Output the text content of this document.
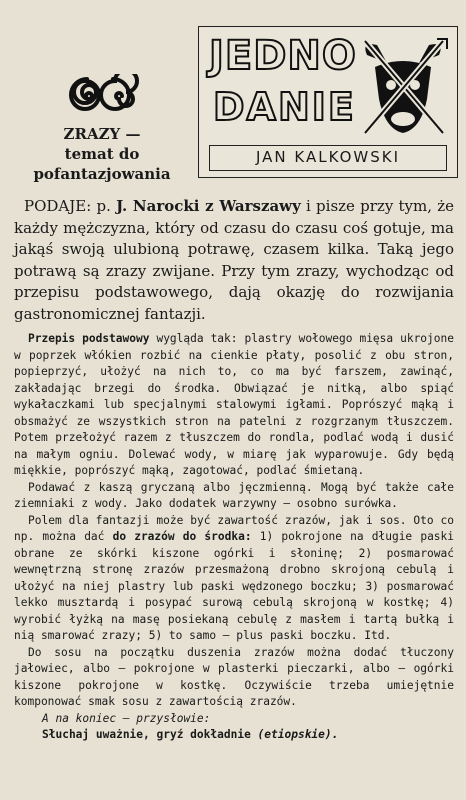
ZRAZY —
temat do
pofantazjowania
JEDNO
DANIE
JAN KALKOWSKI

PODAJE: p. J. Narocki z Warszawy i pisze przy tym, że każdy mężczyzna, który od czasu do czasu coś gotuje, ma jakąś swoją ulubioną potrawę, czasem kilka. Taką jego potrawą są zrazy zwijane. Przy tym zrazy, wychodząc od przepisu podstawowego, dają okazję do rozwijania gastronomicznej fantazji.

Przepis podstawowy wygląda tak: plastry wołowego mięsa ukrojone w poprzek włókien rozbić na cienkie płaty, posolić z obu stron, popieprzyć, ułożyć na nich to, co ma być farszem, zawinąć, zakładając brzegi do środka. Obwiązać je nitką, albo spiąć wykałaczkami lub specjalnymi stalowymi igłami. Poprószyć mąką i obsmażyć ze wszystkich stron na patelni z rozgrzanym tłuszczem. Potem przełożyć razem z tłuszczem do rondla, podlać wodą i dusić na małym ogniu. Dolewać wody, w miarę jak wyparowuje. Gdy będą miękkie, poprószyć mąką, zagotować, podlać śmietaną.

Podawać z kaszą gryczaną albo jęczmienną. Mogą być także całe ziemniaki z wody. Jako dodatek warzywny — osobno surówka.

Polem dla fantazji może być zawartość zrazów, jak i sos. Oto co np. można dać do zrazów do środka: 1) pokrojone na długie paski obrane ze skórki kiszone ogórki i słoninę; 2) posmarować wewnętrzną stronę zrazów przesmażoną drobno skrojoną cebulą i ułożyć na niej plastry lub paski wędzonego boczku; 3) posmarować lekko musztardą i posypać surową cebulą skrojoną w kostkę; 4) wyrobić łyżką na masę posiekaną cebulę z masłem i tartą bułką i nią smarować zrazy; 5) to samo — plus paski boczku. Itd.

Do sosu na początku duszenia zrazów można dodać tłuczony jałowiec, albo — pokrojone w plasterki pieczarki, albo — ogórki kiszone pokrojone w kostkę. Oczywiście trzeba umiejętnie komponować smak sosu z zawartością zrazów.

A na koniec — przysłowie:

Słuchaj uważnie, gryź dokładnie (etiopskie).
